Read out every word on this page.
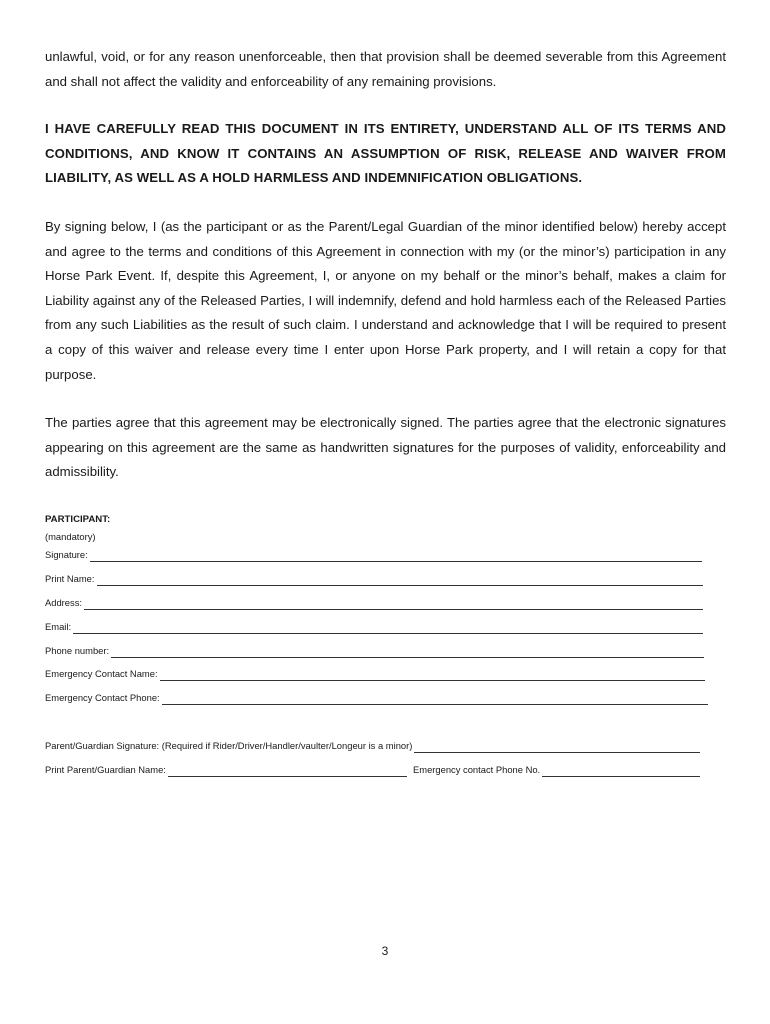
unlawful, void, or for any reason unenforceable, then that provision shall be deemed severable from this Agreement and shall not affect the validity and enforceability of any remaining provisions.

I HAVE CAREFULLY READ THIS DOCUMENT IN ITS ENTIRETY, UNDERSTAND ALL OF ITS TERMS AND CONDITIONS, AND KNOW IT CONTAINS AN ASSUMPTION OF RISK, RELEASE AND WAIVER FROM LIABILITY, AS WELL AS A HOLD HARMLESS AND INDEMNIFICATION OBLIGATIONS.

By signing below, I (as the participant or as the Parent/Legal Guardian of the minor identified below) hereby accept and agree to the terms and conditions of this Agreement in connection with my (or the minor’s) participation in any Horse Park Event. If, despite this Agreement, I, or anyone on my behalf or the minor’s behalf, makes a claim for Liability against any of the Released Parties, I will indemnify, defend and hold harmless each of the Released Parties from any such Liabilities as the result of such claim. I understand and acknowledge that I will be required to present a copy of this waiver and release every time I enter upon Horse Park property, and I will retain a copy for that purpose.

The parties agree that this agreement may be electronically signed. The parties agree that the electronic signatures appearing on this agreement are the same as handwritten signatures for the purposes of validity, enforceability and admissibility.

PARTICIPANT:
(mandatory)
Signature:
Print Name:
Address:
Email:
Phone number:
Emergency Contact Name:
Emergency Contact Phone:
Parent/Guardian Signature: (Required if Rider/Driver/Handler/vaulter/Longeur is a minor)
Print Parent/Guardian Name:	Emergency contact Phone No.
3
